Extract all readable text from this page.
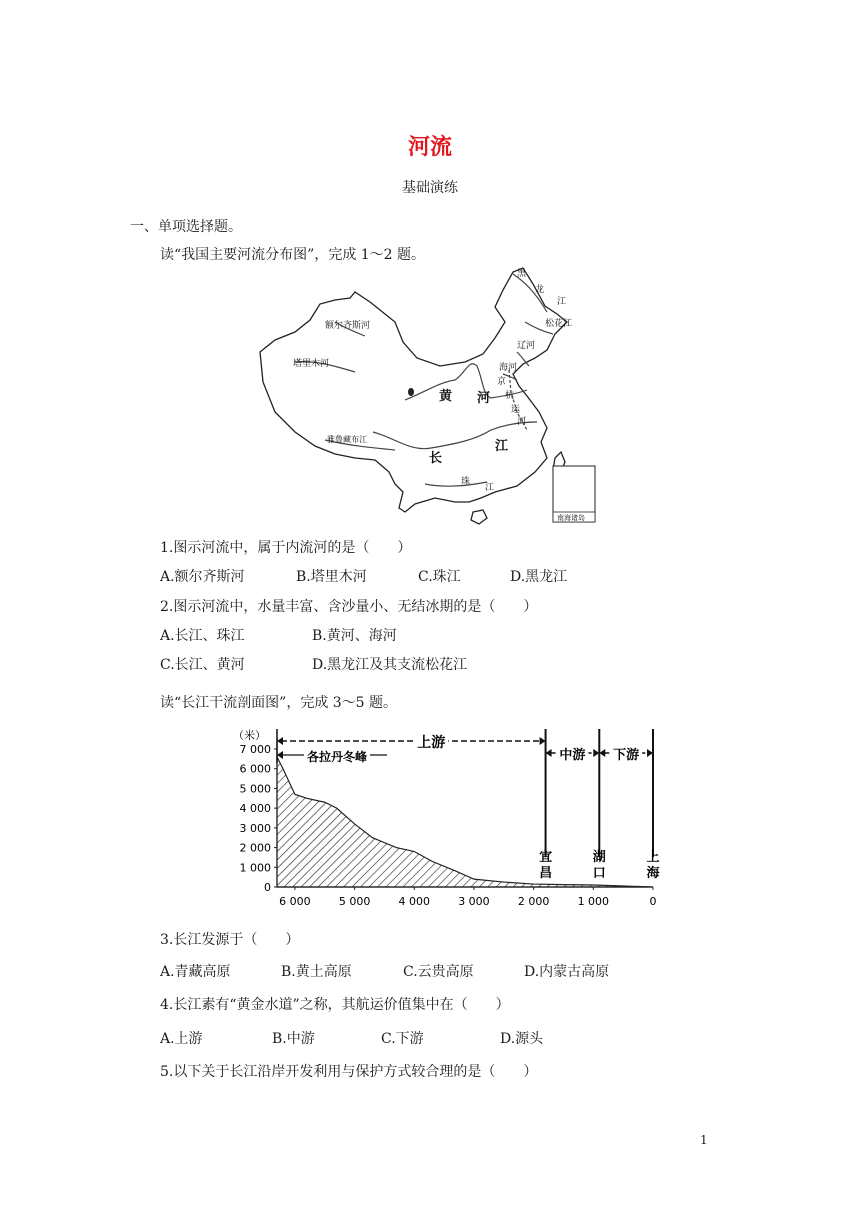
河流
基础演练
一、单项选择题。
读“我国主要河流分布图”，完成 1～2 题。
黑
龙
江
松花江
额尔齐斯河
塔里木河
辽河
海河
京
杭
运
河
雅鲁藏布江
珠
江
南海诸岛
黄 河
长
江
1.图示河流中，属于内流河的是（　　）
A.额尔齐斯河	B.塔里木河	C.珠江	D.黑龙江
2.图示河流中，水量丰富、含沙量小、无结冰期的是（　　）
A.长江、珠江	B.黄河、海河
C.长江、黄河	D.黑龙江及其支流松花江
读“长江干流剖面图”，完成 3～5 题。
（米）
7 000
6 000
5 000
4 000
3 000
2 000
1 000
0
6 000	5 000	4 000	3 000	2 000	1 000	0
宜
昌
湖
口
上
海
上游
中游 下游
各拉丹冬峰
3.长江发源于（　　）
A.青藏高原	B.黄土高原	C.云贵高原	D.内蒙古高原
4.长江素有“黄金水道”之称，其航运价值集中在（　　）
A.上游	B.中游	C.下游	D.源头
5.以下关于长江沿岸开发利用与保护方式较合理的是（　　）
1
